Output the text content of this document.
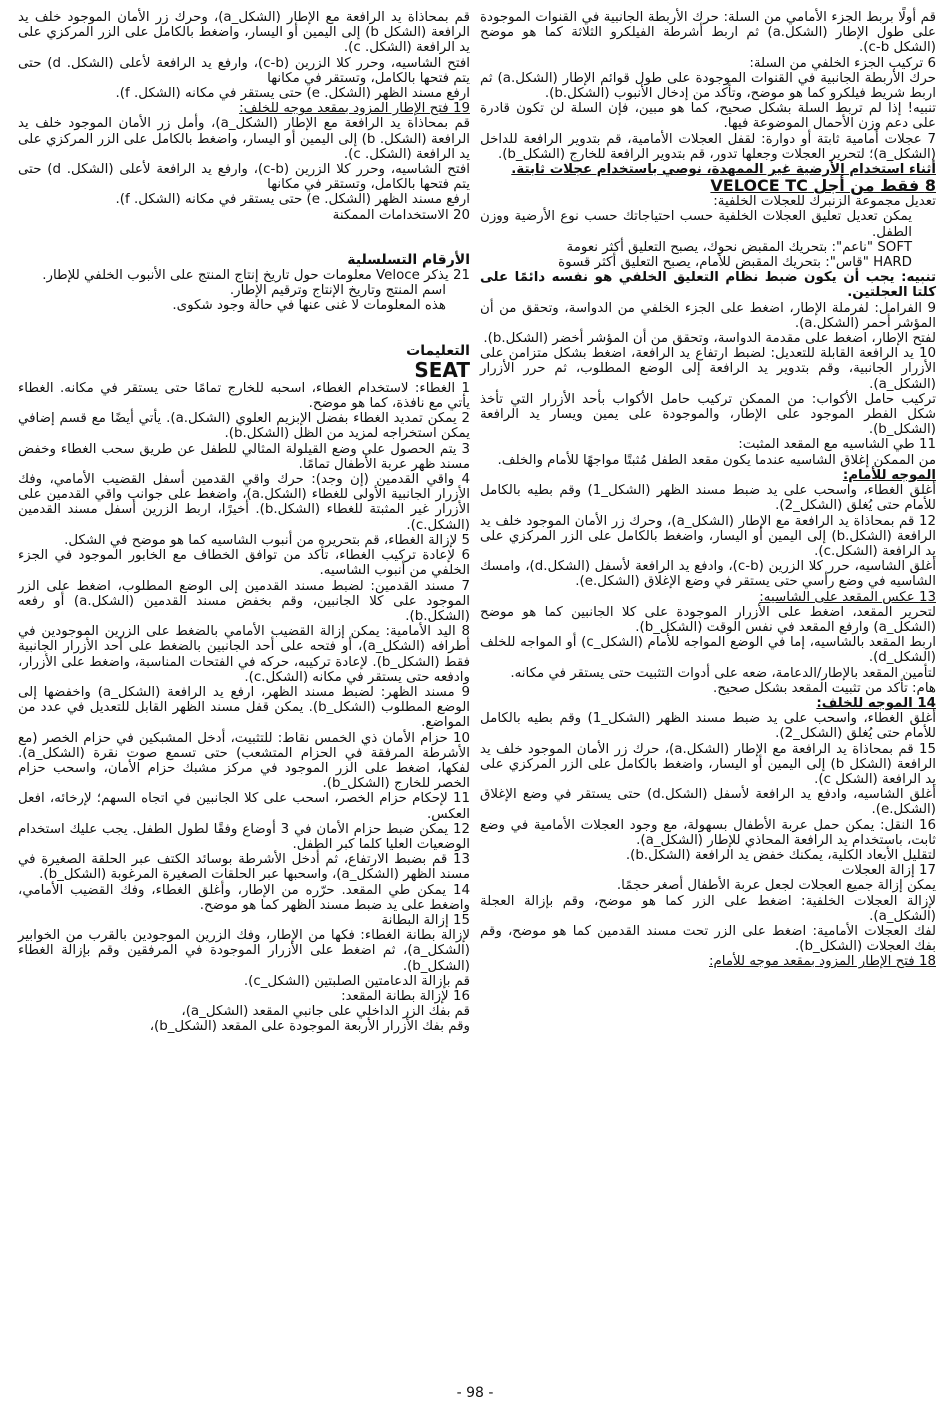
قم أولًا بربط الجزء الأمامي من السلة: حرك الأربطة الجانبية في القنوات الموجودة على طول الإطار (الشكل.a) ثم اربط أشرطة الفيلكرو الثلاثة كما هو موضح (الشكل c-b).

6 تركيب الجزء الخلفي من السلة:

حرك الأربطة الجانبية في القنوات الموجودة على طول قوائم الإطار (الشكل.a) ثم اربط شريط فيلكرو كما هو موضح، وتأكد من إدخال الأنبوب (الشكل.b).

تنبيه! إذا لم تربط السلة بشكل صحيح، كما هو مبين، فإن السلة لن تكون قادرة على دعم وزن الأحمال الموضوعة فيها.

7 عجلات أمامية ثابتة أو دوارة: لقفل العجلات الأمامية، قم بتدوير الرافعة للداخل (الشكل_a)؛ لتحرير العجلات وجعلها تدور، قم بتدوير الرافعة للخارج (الشكل_b).

أثناء استخدام الأرضية غير الممهدة، نوصي باستخدام عجلات ثابتة.

8 فقط من أجل VELOCE TC

تعديل مجموعة الزنبرك للعجلات الخلفية:

يمكن تعديل تعليق العجلات الخلفية حسب احتياجاتك حسب نوع الأرضية ووزن الطفل.

SOFT "ناعم": بتحريك المقبض نحوك، يصبح التعليق أكثر نعومة

HARD "قاس": بتحريك المقبض للأمام، يصبح التعليق أكثر قسوة

تنبيه: يجب أن يكون ضبط نظام التعليق الخلفي هو نفسه دائمًا على كلتا العجلتين.

9 الفرامل: لفرملة الإطار، اضغط على الجزء الخلفي من الدواسة، وتحقق من أن المؤشر أحمر (الشكل.a).

لفتح الإطار، اضغط على مقدمة الدواسة، وتحقق من أن المؤشر أخضر (الشكل.b).

10 يد الرافعة القابلة للتعديل: لضبط ارتفاع يد الرافعة، اضغط بشكل متزامن على الأزرار الجانبية، وقم بتدوير يد الرافعة إلى الوضع المطلوب، ثم حرر الأزرار (الشكل_a).

تركيب حامل الأكواب: من الممكن تركيب حامل الأكواب بأحد الأزرار التي تأخذ شكل الفطر الموجود على الإطار، والموجودة على يمين ويسار يد الرافعة (الشكل_b).

11 طي الشاسيه مع المقعد المثبت:

من الممكن إغلاق الشاسيه عندما يكون مقعد الطفل مُثبتًا مواجهًا للأمام والخلف.

الموجه للأمام:

أغلق الغطاء، واسحب على يد ضبط مسند الظهر (الشكل_1) وقم بطيه بالكامل للأمام حتى يُغلق (الشكل_2).

12 قم بمحاذاة يد الرافعة مع الإطار (الشكل_a)، وحرك زر الأمان الموجود خلف يد الرافعة (الشكل.b) إلى اليمين أو اليسار، واضغط بالكامل على الزر المركزي على يد الرافعة (الشكل.c).

أغلق الشاسيه، حرر كلا الزرين (c-b)، وادفع يد الرافعة لأسفل (الشكل.d)، وامسك الشاسيه في وضع رأسي حتى يستقر في وضع الإغلاق (الشكل.e).

13 عكس المقعد على الشاسيه:

لتحرير المقعد، اضغط على الأزرار الموجودة على كلا الجانبين كما هو موضح (الشكل_a) وارفع المقعد في نفس الوقت (الشكل_b).

اربط المقعد بالشاسيه، إما في الوضع المواجه للأمام (الشكل_c) أو المواجه للخلف (الشكل_d).

لتأمين المقعد بالإطار/الدعامة، ضعه على أدوات التثبيت حتى يستقر في مكانه.

هام: تأكد من تثبيت المقعد بشكل صحيح.

14 الموجه للخلف:

أغلق الغطاء، واسحب على يد ضبط مسند الظهر (الشكل_1) وقم بطيه بالكامل للأمام حتى يُغلق (الشكل_2).

15 قم بمحاذاة يد الرافعة مع الإطار (الشكل.a)، حرك زر الأمان الموجود خلف يد الرافعة (الشكل b) إلى اليمين أو اليسار، واضغط بالكامل على الزر المركزي على يد الرافعة (الشكل c).

أغلق الشاسيه، وادفع يد الرافعة لأسفل (الشكل.d) حتى يستقر في وضع الإغلاق (الشكل.e).

16 النقل: يمكن حمل عربة الأطفال بسهولة، مع وجود العجلات الأمامية في وضع ثابت، باستخدام يد الرافعة المحاذي للإطار (الشكل_a).

لتقليل الأبعاد الكلية، يمكنك خفض يد الرافعة (الشكل.b).

17 إزالة العجلات

يمكن إزالة جميع العجلات لجعل عربة الأطفال أصغر حجمًا.

لإزالة العجلات الخلفية: اضغط على الزر كما هو موضح، وقم بإزالة العجلة (الشكل_a).

لفك العجلات الأمامية: اضغط على الزر تحت مسند القدمين كما هو موضح، وقم بفك العجلات (الشكل_b).

18 فتح الإطار المزود بمقعد موجه للأمام:

قم بمحاذاة يد الرافعة مع الإطار (الشكل_a)، وحرك زر الأمان الموجود خلف يد الرافعة (الشكل b) إلى اليمين أو اليسار، واضغط بالكامل على الزر المركزي على يد الرافعة (الشكل. c).

افتح الشاسيه، وحرر كلا الزرين (c-b)، وارفع يد الرافعة لأعلى (الشكل. d) حتى يتم فتحها بالكامل، وتستقر في مكانها

ارفع مسند الظهر (الشكل. e) حتى يستقر في مكانه (الشكل. f).

19 فتح الإطار المزود بمقعد موجه للخلف:

قم بمحاذاة يد الرافعة مع الإطار (الشكل_a)، وأمل زر الأمان الموجود خلف يد الرافعة (الشكل. b) إلى اليمين أو اليسار، واضغط بالكامل على الزر المركزي على يد الرافعة (الشكل. c).

افتح الشاسيه، وحرر كلا الزرين (c-b)، وارفع يد الرافعة لأعلى (الشكل. d) حتى يتم فتحها بالكامل، وتستقر في مكانها

ارفع مسند الظهر (الشكل. e) حتى يستقر في مكانه (الشكل. f).

20 الاستخدامات الممكنة

الأرقام التسلسلية

21 يذكر Veloce معلومات حول تاريخ إنتاج المنتج على الأنبوب الخلفي للإطار.

اسم المنتج وتاريخ الإنتاج وترقيم الإطار.

هذه المعلومات لا غنى عنها في حالة وجود شكوى.

التعليمات

SEAT

1 الغطاء: لاستخدام الغطاء، اسحبه للخارج تمامًا حتى يستقر في مكانه. الغطاء يأتي مع نافذة، كما هو موضح.

2 يمكن تمديد الغطاء بفضل الإبزيم العلوي (الشكل.a). يأتي أيضًا مع قسم إضافي يمكن استخراجه لمزيد من الظل (الشكل.b).

3 يتم الحصول على وضع القيلولة المثالي للطفل عن طريق سحب الغطاء وخفض مسند ظهر عربة الأطفال تمامًا.

4 واقي القدمين (إن وجد): حرك واقي القدمين أسفل القضيب الأمامي، وفك الأزرار الجانبية الأولى للغطاء (الشكل.a)، واضغط على جوانب واقي القدمين على الأزرار غير المثبتة للغطاء (الشكل.b). أخيرًا، اربط الزرين أسفل مسند القدمين (الشكل.c).

5 لإزالة الغطاء، قم بتحريره من أنبوب الشاسيه كما هو موضح في الشكل.

6 لإعادة تركيب الغطاء، تأكد من توافق الخطاف مع الخابور الموجود في الجزء الخلفي من أنبوب الشاسيه.

7 مسند القدمين: لضبط مسند القدمين إلى الوضع المطلوب، اضغط على الزر الموجود على كلا الجانبين، وقم بخفض مسند القدمين (الشكل.a) أو رفعه (الشكل.b).

8 اليد الأمامية: يمكن إزالة القضيب الأمامي بالضغط على الزرين الموجودين في أطرافه (الشكل_a)، أو فتحه على أحد الجانبين بالضغط على أحد الأزرار الجانبية فقط (الشكل_b). لإعادة تركيبه، حركه في الفتحات المناسبة، واضغط على الأزرار، وادفعه حتى يستقر في مكانه (الشكل.c).

9 مسند الظهر: لضبط مسند الظهر، ارفع يد الرافعة (الشكل_a) واخفضها إلى الوضع المطلوب (الشكل_b). يمكن قفل مسند الظهر القابل للتعديل في عدد من المواضع.

10 حزام الأمان ذي الخمس نقاط: للتثبيت، أدخل المشبكين في حزام الخصر (مع الأشرطة المرفقة في الحزام المتشعب) حتى تسمع صوت نقرة (الشكل_a). لفكها، اضغط على الزر الموجود في مركز مشبك حزام الأمان، واسحب حزام الخصر للخارج (الشكل_b).

11 لإحكام حزام الخصر، اسحب على كلا الجانبين في اتجاه السهم؛ لإرخائه، افعل العكس.

12 يمكن ضبط حزام الأمان في 3 أوضاع وفقًا لطول الطفل. يجب عليك استخدام الوضعيات العليا كلما كبر الطفل.

13 قم بضبط الارتفاع، ثم أدخل الأشرطة بوسائد الكتف عبر الحلقة الصغيرة في مسند الظهر (الشكل_a)، واسحبها عبر الحلقات الصغيرة المرغوبة (الشكل_b).

14 يمكن طي المقعد. حرّره من الإطار، وأغلق الغطاء، وفك القضيب الأمامي، واضغط على يد ضبط مسند الظهر كما هو موضح.

15 إزالة البطانة

لإزالة بطانة الغطاء: فكها من الإطار، وفك الزرين الموجودين بالقرب من الخوابير (الشكل_a)، ثم اضغط على الأزرار الموجودة في المرفقين وقم بإزالة الغطاء (الشكل_b).

قم بإزالة الدعامتين الصلبتين (الشكل_c).

16 لإزالة بطانة المقعد:

قم بفك الزر الداخلي على جانبي المقعد (الشكل_a)،

وقم بفك الأزرار الأربعة الموجودة على المقعد (الشكل_b)،

- 98 -
